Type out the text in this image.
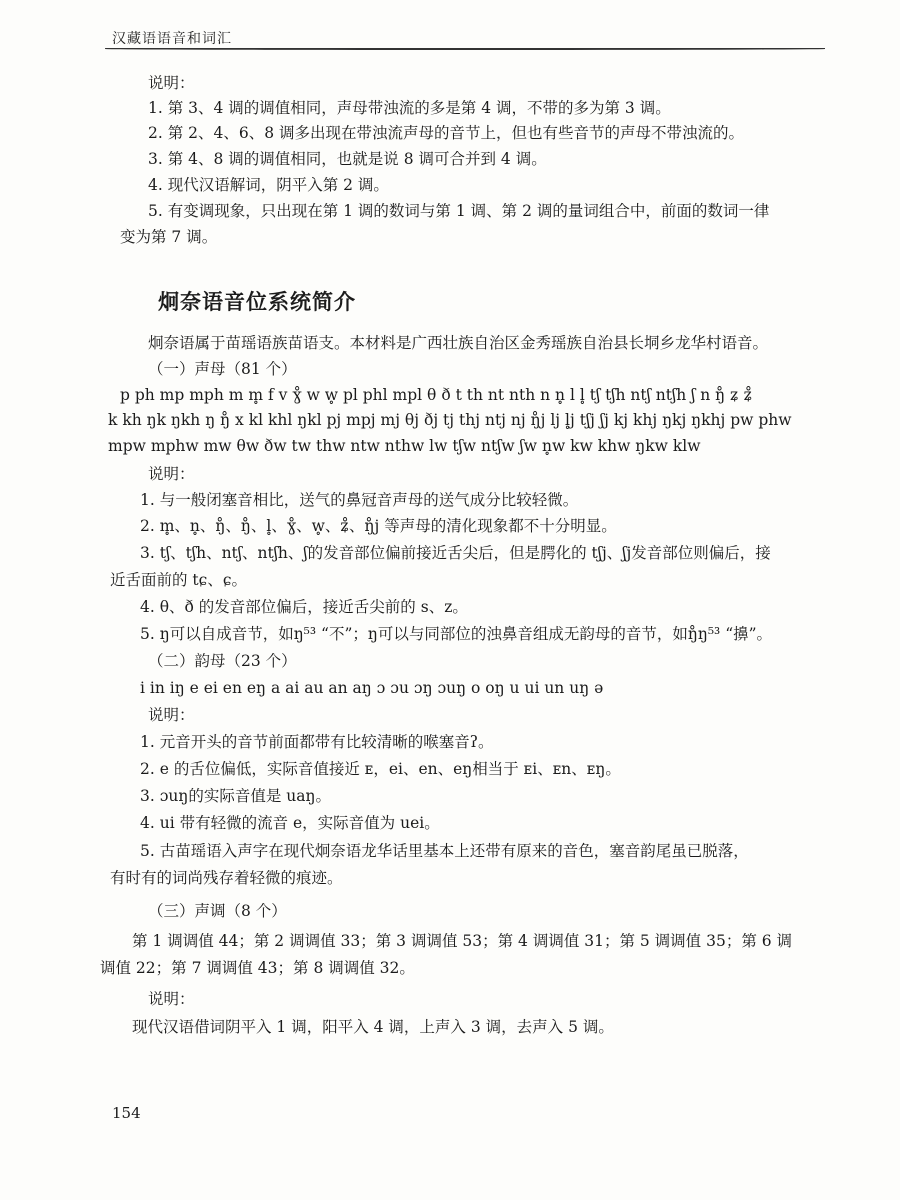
汉藏语语音和词汇
说明：
1. 第 3、4 调的调值相同，声母带浊流的多是第 4 调，不带的多为第 3 调。
2. 第 2、4、6、8 调多出现在带浊流声母的音节上，但也有些音节的声母不带浊流的。
3. 第 4、8 调的调值相同，也就是说 8 调可合并到 4 调。
4. 现代汉语解词，阴平入第 2 调。
5. 有变调现象，只出现在第 1 调的数词与第 1 调、第 2 调的量词组合中，前面的数词一律
变为第 7 调。
炯奈语音位系统简介
炯奈语属于苗瑶语族苗语支。本材料是广西壮族自治区金秀瑶族自治县长垌乡龙华村语音。
（一）声母（81 个）
p ph mp mph m m̥ f v ɣ̊ w w̥ pl phl mpl θ ð t th nt nth n n̥ l l̥ tʃ tʃh ntʃ ntʃh ʃ n ŋ̊ ʑ ʑ̊
k kh ŋk ŋkh ŋ ŋ̊ x kl khl ŋkl pj mpj mj θj ðj tj thj ntj nj ŋ̊j lj l̥j tʃj ʃj kj khj ŋkj ŋkhj pw phw
mpw mphw mw θw ðw tw thw ntw nthw lw tʃw ntʃw ʃw n̥w kw khw ŋkw klw
说明：
1. 与一般闭塞音相比，送气的鼻冠音声母的送气成分比较轻微。
2. m̥、n̥、ŋ̊、ŋ̊、l̥、ɣ̊、w̥、ʑ̊、ŋ̊j 等声母的清化现象都不十分明显。
3. tʃ、tʃh、ntʃ、ntʃh、ʃ的发音部位偏前接近舌尖后，但是腭化的 tʃj、ʃj发音部位则偏后，接
近舌面前的 tɕ、ɕ。
4. θ、ð 的发音部位偏后，接近舌尖前的 s、z。
5. ŋ可以自成音节，如ŋ⁵³ “不”；ŋ可以与同部位的浊鼻音组成无韵母的音节，如ŋ̊ŋ⁵³ “擤”。
（二）韵母（23 个）
i in iŋ e ei en eŋ a ai au an aŋ ɔ ɔu ɔŋ ɔuŋ o oŋ u ui un uŋ ə
说明：
1. 元音开头的音节前面都带有比较清晰的喉塞音ʔ。
2. e 的舌位偏低，实际音值接近 ᴇ，ei、en、eŋ相当于 ᴇi、ᴇn、ᴇŋ。
3. ɔuŋ的实际音值是 uaŋ。
4. ui 带有轻微的流音 e，实际音值为 uei。
5. 古苗瑶语入声字在现代炯奈语龙华话里基本上还带有原来的音色，塞音韵尾虽已脱落，
有时有的词尚残存着轻微的痕迹。
（三）声调（8 个）
第 1 调调值 44；第 2 调调值 33；第 3 调调值 53；第 4 调调值 31；第 5 调调值 35；第 6 调
调值 22；第 7 调调值 43；第 8 调调值 32。
说明：
现代汉语借词阴平入 1 调，阳平入 4 调，上声入 3 调，去声入 5 调。
154
